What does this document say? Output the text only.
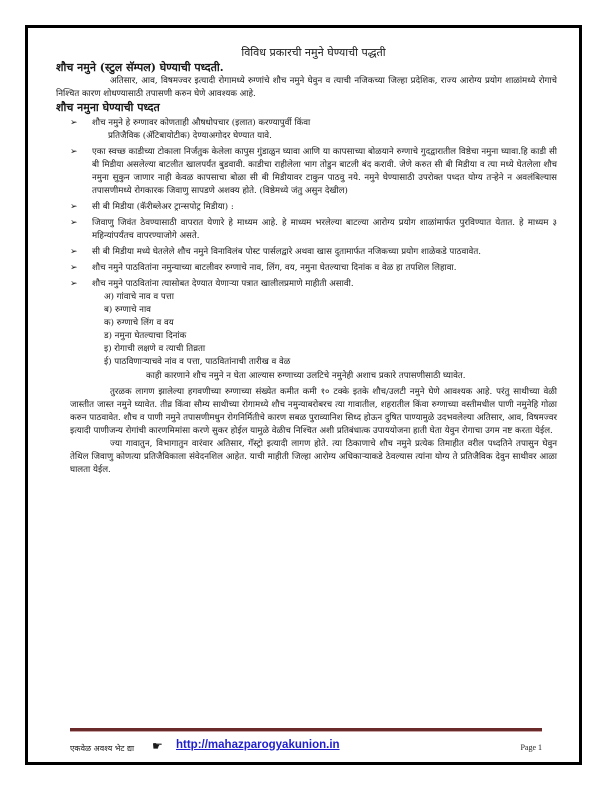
विविध प्रकारची नमुने घेण्याची पद्धती
शौच नमुने (स्टुल सॅम्पल) घेण्याची पध्दती.

अतिसार, आव, विषमज्वर इत्यादी रोगामध्ये रुग्णांचे शौच नमुने घेवुन व त्याची नजिकच्या जिल्हा प्रदेशिक, राज्य आरोग्य प्रयोग शाळांमध्ये रोगाचे निश्चित कारण शोधण्यासाठी तपासणी करुन घेणे आवश्यक आहे.

शौच नमुना घेण्याची पध्दत
➢ शौच नमुने हे रुग्णावर कोणताही औषधोपचार (इलात) करण्यापुर्वी किंवा
प्रतिजैविक (ॲटिबायोटीक) देण्याअगोदर घेण्यात यावे.
➢ एका स्वच्छ काडीच्या टोकाला निर्जंतुक केलेला कापुस गुंडाळुन घ्यावा आणि या कापसाच्या बोळयाने रुग्णाचे गुदद्वारातील विष्ठेचा नमुना घ्यावा.हि काडी सी बी मिडीया असलेल्या बाटलीत खालपर्यंत बुडवावी. काडीचा राहीलेला भाग तोडुन बाटली बंद करावी. जेणे करुत सी बी मिडीया व त्या मध्ये घेतलेला शौच नमुना सुकुन जाणार नाही केवळ कापसाचा बोळा सी बी मिडीयावर टाकुन पाठवु नये. नमुने घेण्यासाठी उपरोक्त पध्दत योग्य तऱ्हेने न अवलंबिल्यास तपासणीमध्ये रोगकारक जिवाणु सापडणे अशक्य होते. (विष्ठेमध्ये जंतु असुन देखील)
➢ सी बी मिडीया (कॅरीब्लेअर ट्रान्सपोट्र मिडीया) :
➢ जिवाणु जिवंत ठेवण्यासाठी वापरात येणारे हे माध्यम आहे. हे माध्यम भरलेल्या बाटल्या आरोग्य प्रयोग शाळांमार्फत पुरविण्यात येतात. हे माध्यम ३ महिन्यांपर्यंतच वापरण्याजोगे असते.
➢ सी बी मिडीया मध्ये घेतलेले शौच नमुने विनाविलंब पोस्ट पार्सलद्वारे अथवा खास दुतामार्फत नजिकच्या प्रयोग शाळेकडे पाठवावेत.
➢ शौच नमुने पाठवितांना नमुन्याच्या बाटलीवर रुग्णाचे नाव, लिंग, वय, नमुना घेतल्याचा दिनांक व वेळ हा तपशिल लिहावा.
➢ शौच नमुने पाठवितांना त्यासोबत देण्यात येणाऱ्या पत्रात खालीलप्रमाणे माहीती असावी.
अ) गांवाचे नाव व पत्ता
ब) रुग्णाचे नाव
क) रुग्णाचे लिंग व वय
ड) नमुना घेतल्याचा दिनांक
इ) रोगाची लक्षणे व त्याची तिव्रता
ई) पाठविणाऱ्याचवे नांव व पत्ता, पाठवितांनाची तारीख व वेळ

काही कारणाने शौच नमुने न घेता आल्यास रुग्णाच्या उलटिचे नमुनेही अशाच प्रकारे तपासणीसाठी घ्यावेत.

तुरळक लागण झालेल्या हगवणीच्या रुग्णाच्या संख्येत कमीत कमी १० टक्के इतके शौच/उलटी नमुने घेणे आवश्यक आहे. परंतु साथीच्या वेळी जास्तीत जास्त नमुने घ्यावेत. तीव्र किंवा सौम्य साथीच्या रोगामध्ये शौच नमुन्याबरोबरच त्या गावातील, शहरातील किंवा रुग्णाच्या वस्तीमधील पाणी नमुनेहि गोळा करुन पाठवावेत. शौच व पाणी नमुने तपासणीमधुन रोगनिर्मितीचे कारण सबळ पुराव्यानिश सिध्द होऊन दुषित पाण्यामुळे उदभवलेल्या अतिसार, आव, विषमज्वर इत्यादी पाणीजन्य रोगांची कारणमिमांसा करणे सुकर होईल यामुळे वेळीच निश्चित अशी प्रतिबंधात्क उपाययोजना हाती घेता येवुन रोगाचा उगम नष्ट करता येईल.

ज्या गावातुन, विभागातुन वारंवार अतिसार, गॅस्ट्रो इत्यादी लागण होते. त्या ठिकाणाचे शौच नमुने प्रत्येक तिमाहीत वरील पध्दतिने तपासुन घेवुन तेथिल जिवाणु कोणत्या प्रतिजैविकाला संवेदनशिल आहेत. याची माहीती जिल्हा आरोग्य अधिकाऱ्याकडे ठेवल्यास त्यांना योग्य ते प्रतिजैविक देवुन साथीवर आळा घालता येईल.

एकवेळ अवश्य भेट द्या ☛ http://mahazparogyakunion.in	Page 1
